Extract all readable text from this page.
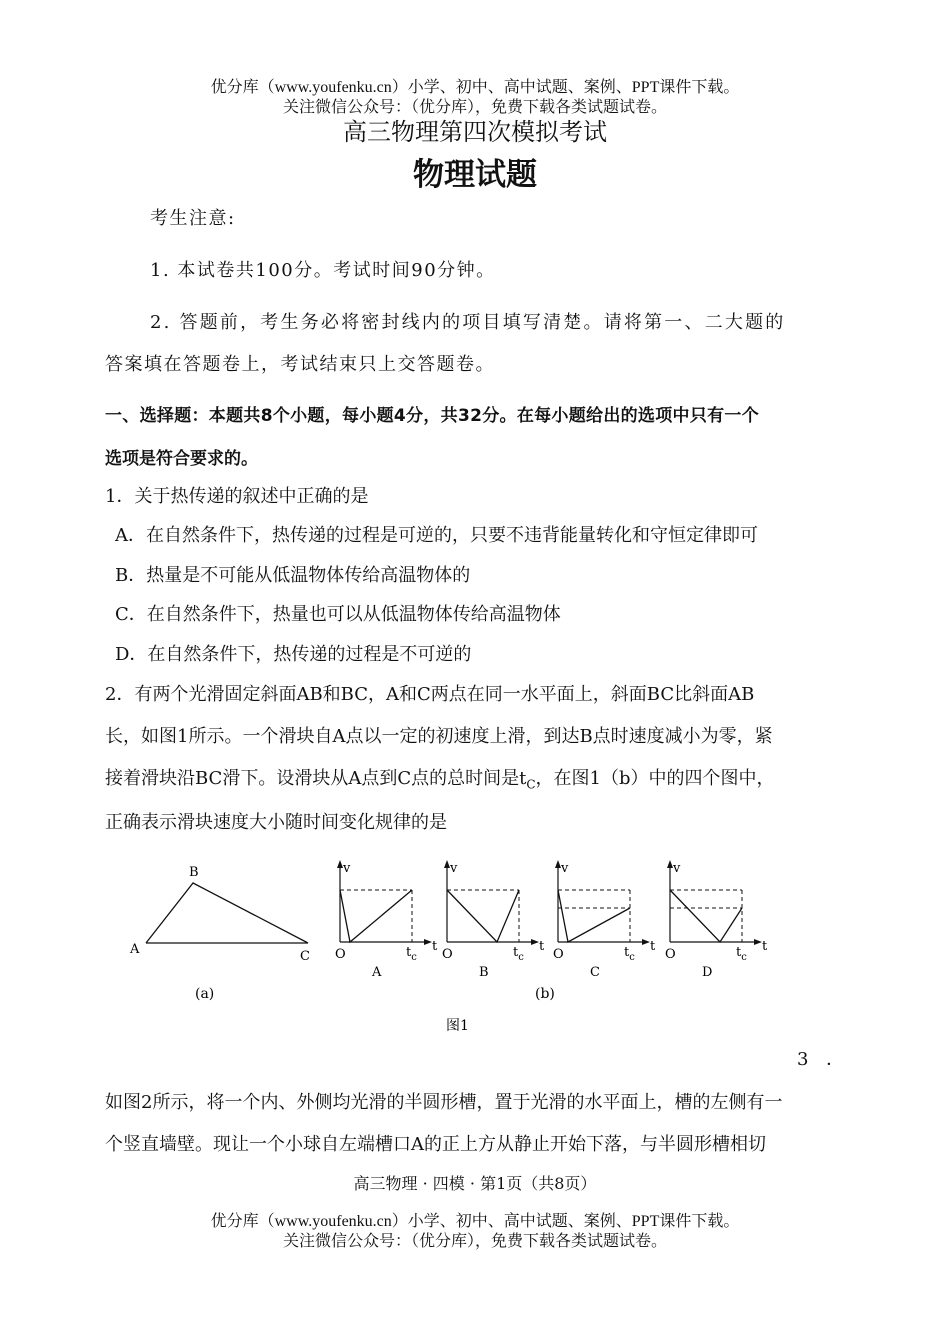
优分库（www.youfenku.cn）小学、初中、高中试题、案例、PPT课件下载。
关注微信公众号：（优分库），免费下载各类试题试卷。
高三物理第四次模拟考试
物理试题
考生注意:
1. 本试卷共100分。考试时间90分钟。
2. 答题前，考生务必将密封线内的项目填写清楚。请将第一、二大题的
答案填在答题卷上，考试结束只上交答题卷。
一、选择题：本题共8个小题，每小题4分，共32分。在每小题给出的选项中只有一个
选项是符合要求的。
1．关于热传递的叙述中正确的是
A．在自然条件下，热传递的过程是可逆的，只要不违背能量转化和守恒定律即可
B．热量是不可能从低温物体传给高温物体的
C．在自然条件下，热量也可以从低温物体传给高温物体
D．在自然条件下，热传递的过程是不可逆的
2．有两个光滑固定斜面AB和BC，A和C两点在同一水平面上，斜面BC比斜面AB
长，如图1所示。一个滑块自A点以一定的初速度上滑，到达B点时速度减小为零，紧
接着滑块沿BC滑下。设滑块从A点到C点的总时间是$t_C$，在图1（b）中的四个图中，
正确表示滑块速度大小随时间变化规律的是
A
B
C
(a)
v
O	$t_c$
t
A
v
O	$t_c$
t
B
v
O	$t_c$
t
C
v
O	$t_c$
t
D
(b)
图1
3 ．
如图2所示，将一个内、外侧均光滑的半圆形槽，置于光滑的水平面上，槽的左侧有一
个竖直墙壁。现让一个小球自左端槽口A的正上方从静止开始下落，与半圆形槽相切
高三物理 · 四模 · 第1页（共8页）
优分库（www.youfenku.cn）小学、初中、高中试题、案例、PPT课件下载。
关注微信公众号：（优分库），免费下载各类试题试卷。
